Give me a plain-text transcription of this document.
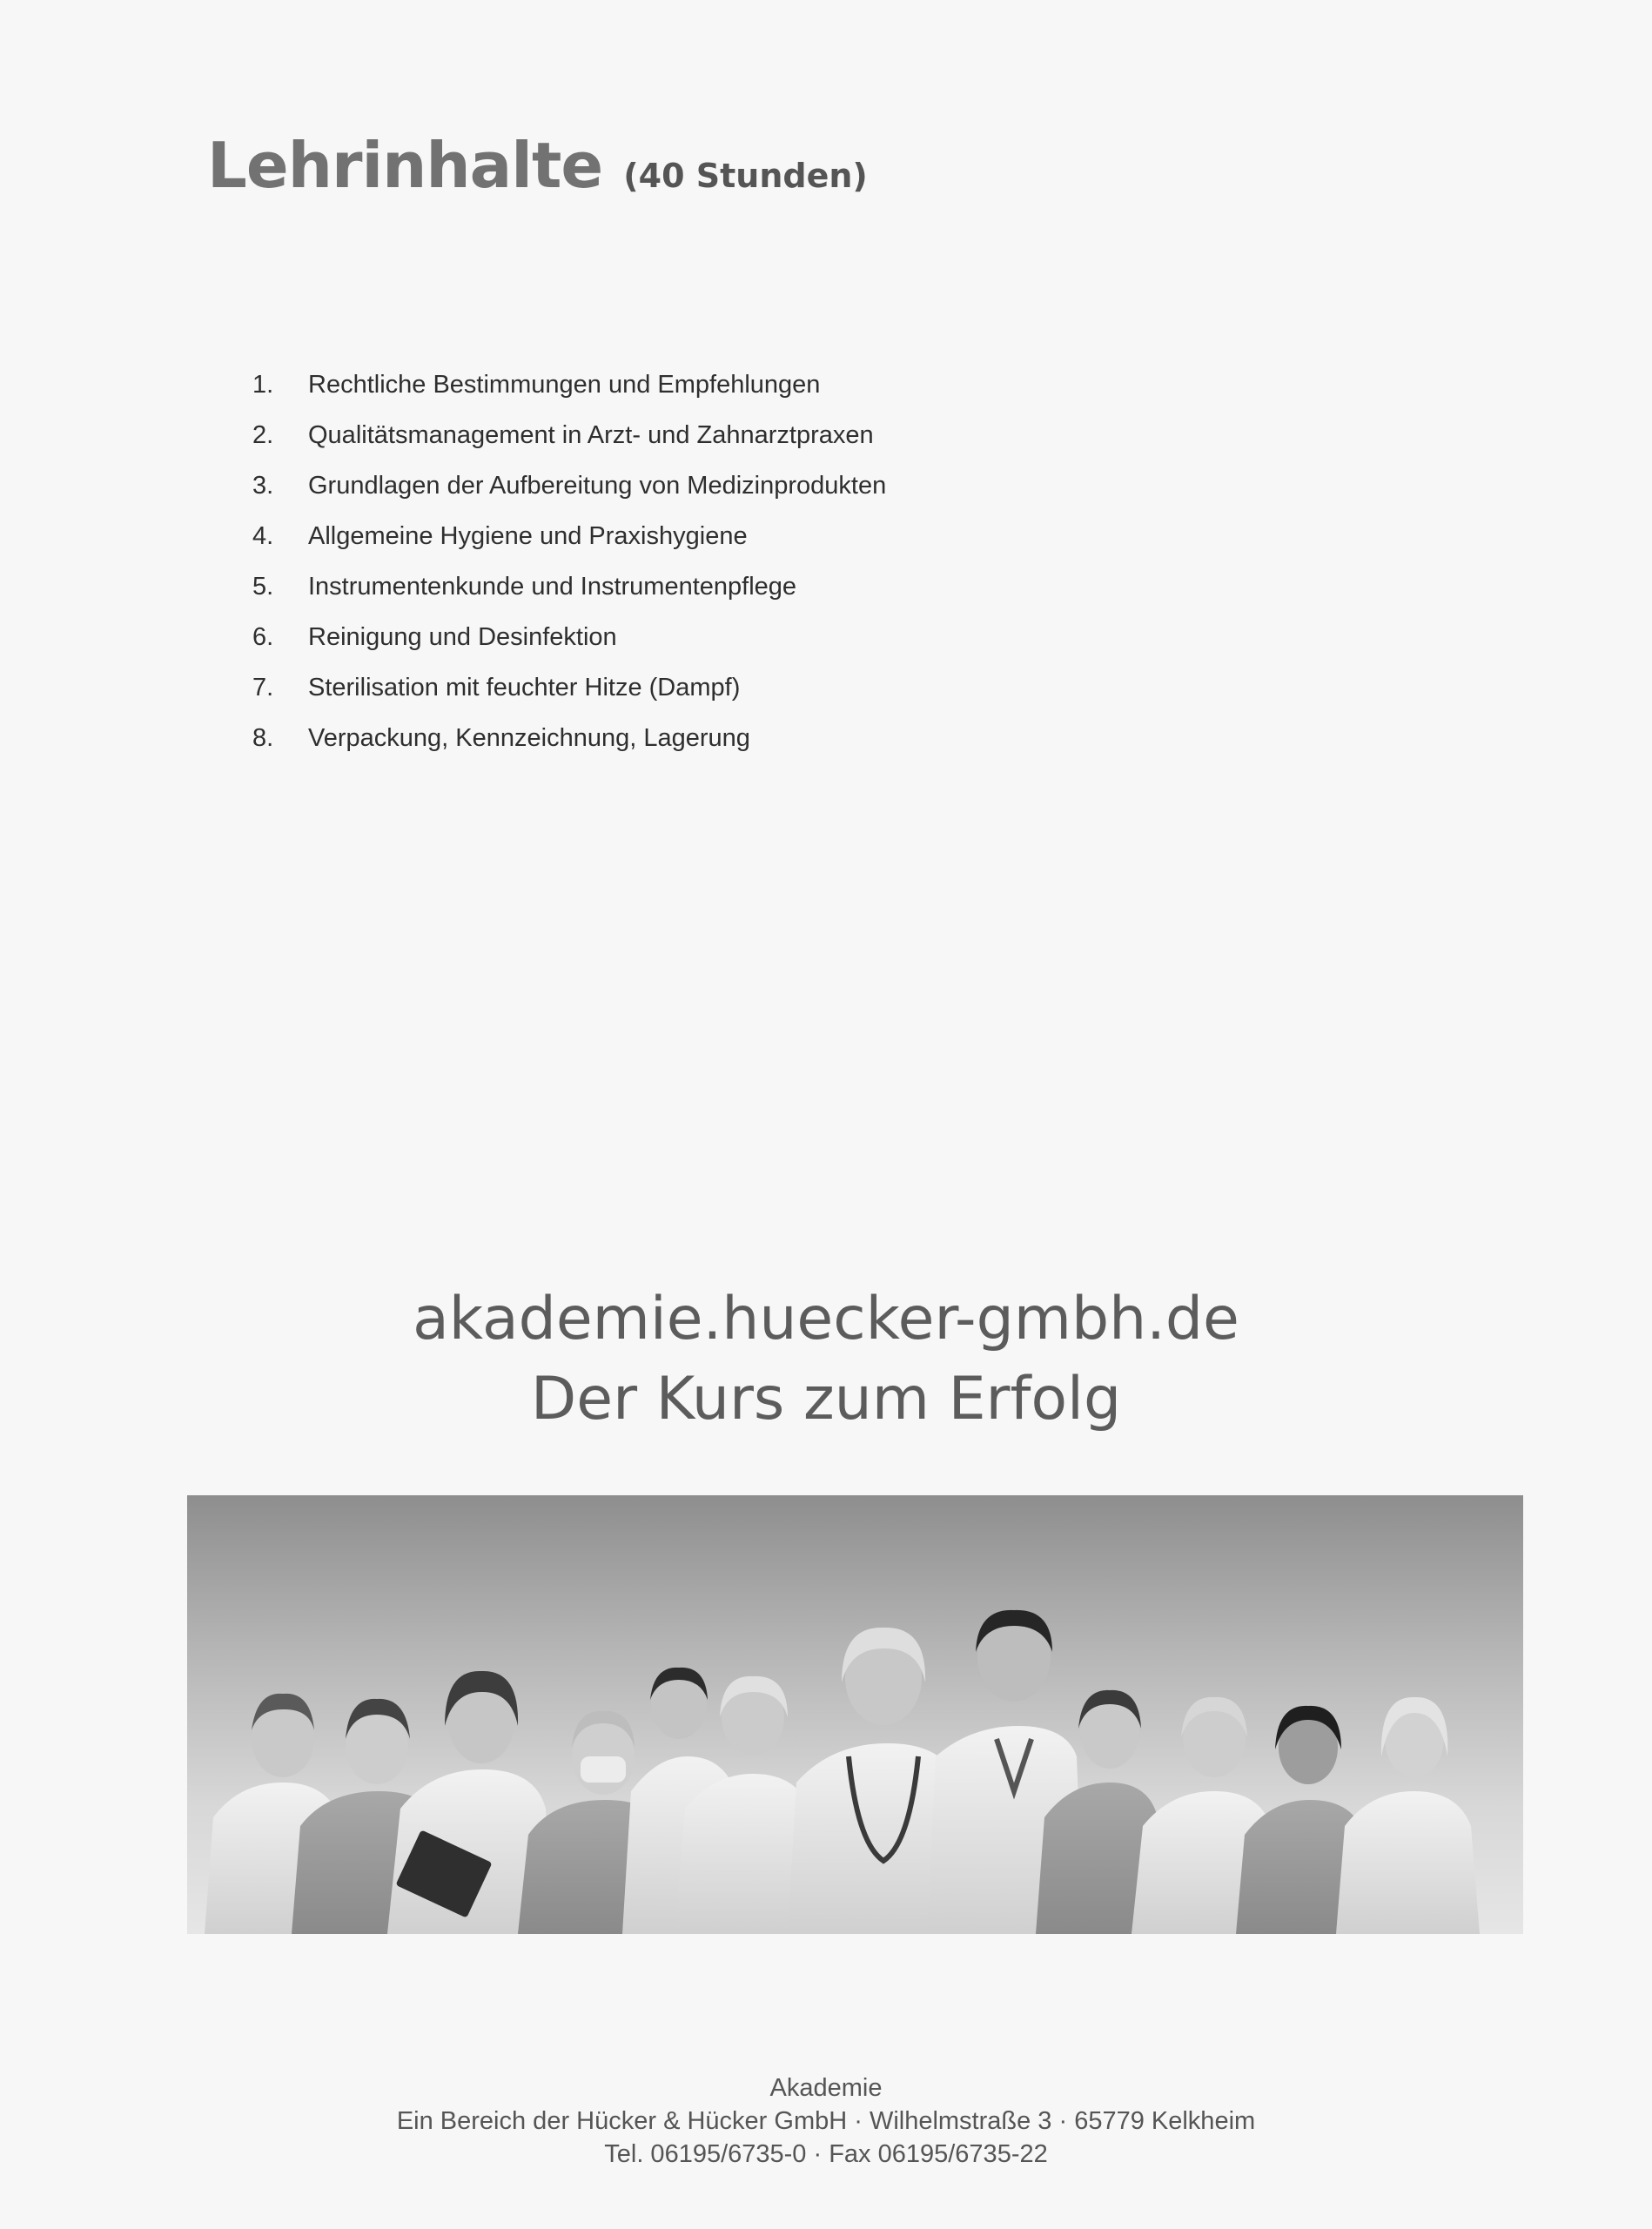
Lehrinhalte (40 Stunden)
1.	Rechtliche Bestimmungen und Empfehlungen
2.	Qualitätsmanagement in Arzt- und Zahnarztpraxen
3.	Grundlagen der Aufbereitung von Medizinprodukten
4.	Allgemeine Hygiene und Praxishygiene
5.	Instrumentenkunde und Instrumentenpflege
6.	Reinigung und Desinfektion
7.	Sterilisation mit feuchter Hitze (Dampf)
8.	Verpackung, Kennzeichnung, Lagerung
akademie.huecker-gmbh.de
Der Kurs zum Erfolg
Akademie
Ein Bereich der Hücker & Hücker GmbH · Wilhelmstraße 3 · 65779 Kelkheim
Tel. 06195/6735-0 · Fax 06195/6735-22
